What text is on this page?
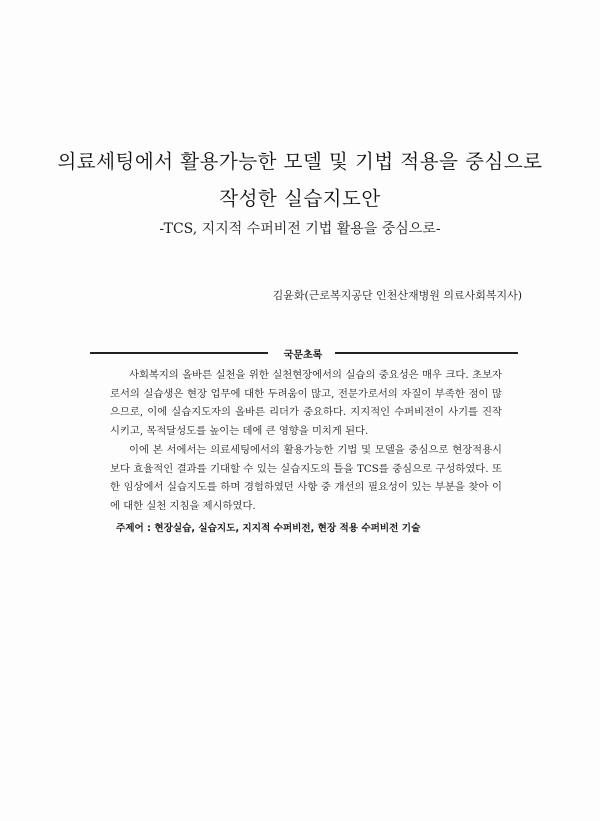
의료세팅에서 활용가능한 모델 및 기법 적용을 중심으로
작성한 실습지도안
-TCS, 지지적 수퍼비전 기법 활용을 중심으로-
김윤화(근로복지공단 인천산재병원 의료사회복지사)
국문초록

사회복지의 올바른 실천을 위한 실천현장에서의 실습의 중요성은 매우 크다. 초보자로서의 실습생은 현장 업무에 대한 두려움이 많고, 전문가로서의 자질이 부족한 점이 많으므로, 이에 실습지도자의 올바른 리더가 중요하다. 지지적인 수퍼비전이 사기를 진작시키고, 목적달성도를 높이는 데에 큰 영향을 미치게 된다.

이에 본 서에서는 의료세팅에서의 활용가능한 기법 및 모델을 중심으로 현장적용시보다 효율적인 결과를 기대할 수 있는 실습지도의 틀을 TCS를 중심으로 구성하였다. 또한 임상에서 실습지도를 하며 경험하였던 사항 중 개선의 필요성이 있는 부분을 찾아 이에 대한 실천 지침을 제시하였다.

주제어 : 현장실습, 실습지도, 지지적 수퍼비전, 현장 적용 수퍼비전 기술
